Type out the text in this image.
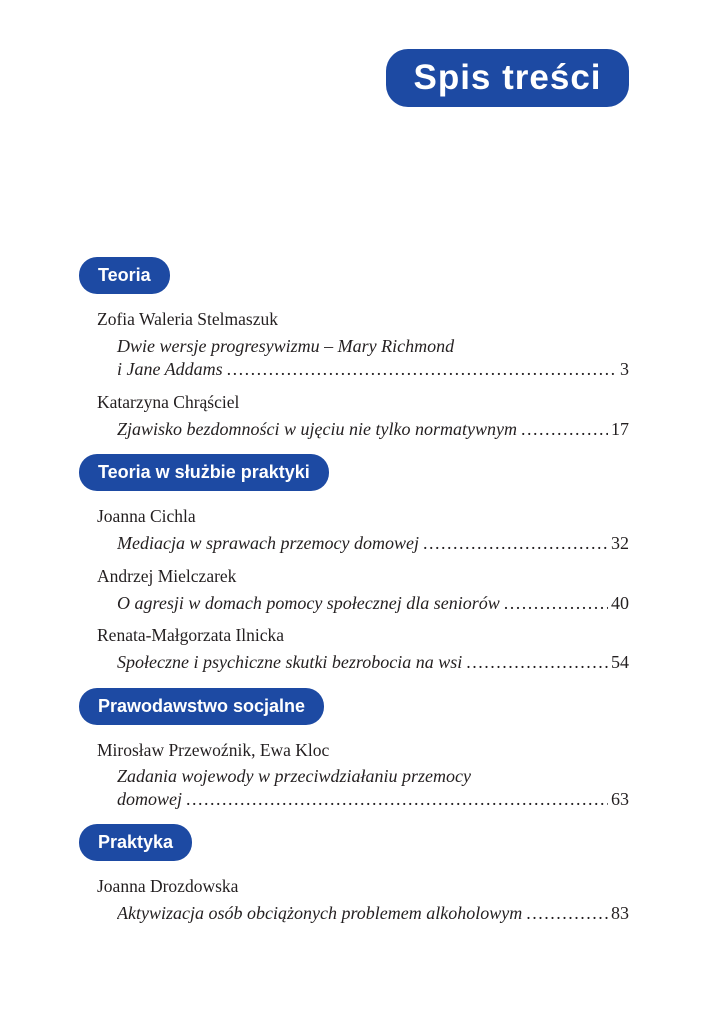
Spis treści
Teoria
Zofia Waleria Stelmaszuk
Dwie wersje progresywizmu – Mary Richmond
i Jane Addams .....	3
Katarzyna Chrąściel
Zjawisko bezdomności w ujęciu nie tylko normatywnym .....	17
Teoria w służbie praktyki
Joanna Cichla
Mediacja w sprawach przemocy domowej .....	32
Andrzej Mielczarek
O agresji w domach pomocy społecznej dla seniorów .....	40
Renata-Małgorzata Ilnicka
Społeczne i psychiczne skutki bezrobocia na wsi .....	54
Prawodawstwo socjalne
Mirosław Przewoźnik, Ewa Kloc
Zadania wojewody w przeciwdziałaniu przemocy
domowej .....	63
Praktyka
Joanna Drozdowska
Aktywizacja osób obciążonych problemem alkoholowym .....	83
